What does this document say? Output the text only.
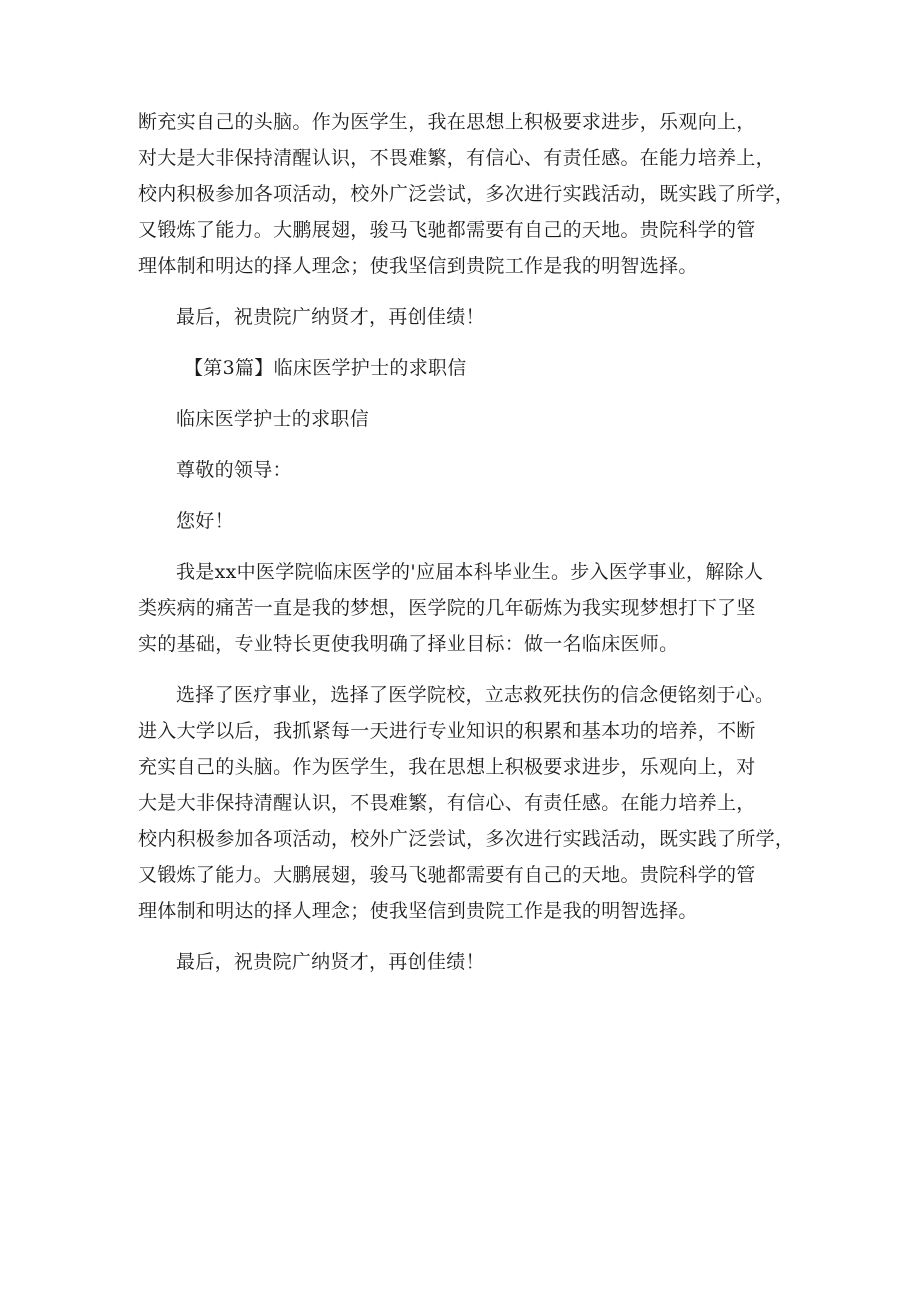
断充实自己的头脑。作为医学生，我在思想上积极要求进步，乐观向上，
对大是大非保持清醒认识，不畏难繁，有信心、有责任感。在能力培养上，
校内积极参加各项活动，校外广泛尝试，多次进行实践活动，既实践了所学，
又锻炼了能力。大鹏展翅，骏马飞驰都需要有自己的天地。贵院科学的管
理体制和明达的择人理念；使我坚信到贵院工作是我的明智选择。
最后，祝贵院广纳贤才，再创佳绩！
【第3篇】临床医学护士的求职信
临床医学护士的求职信
尊敬的领导：
您好！
我是xx中医学院临床医学的'应届本科毕业生。步入医学事业，解除人
类疾病的痛苦一直是我的梦想，医学院的几年砺炼为我实现梦想打下了坚
实的基础，专业特长更使我明确了择业目标：做一名临床医师。
选择了医疗事业，选择了医学院校，立志救死扶伤的信念便铭刻于心。
进入大学以后，我抓紧每一天进行专业知识的积累和基本功的培养，不断
充实自己的头脑。作为医学生，我在思想上积极要求进步，乐观向上，对
大是大非保持清醒认识，不畏难繁，有信心、有责任感。在能力培养上，
校内积极参加各项活动，校外广泛尝试，多次进行实践活动，既实践了所学，
又锻炼了能力。大鹏展翅，骏马飞驰都需要有自己的天地。贵院科学的管
理体制和明达的择人理念；使我坚信到贵院工作是我的明智选择。
最后，祝贵院广纳贤才，再创佳绩！
